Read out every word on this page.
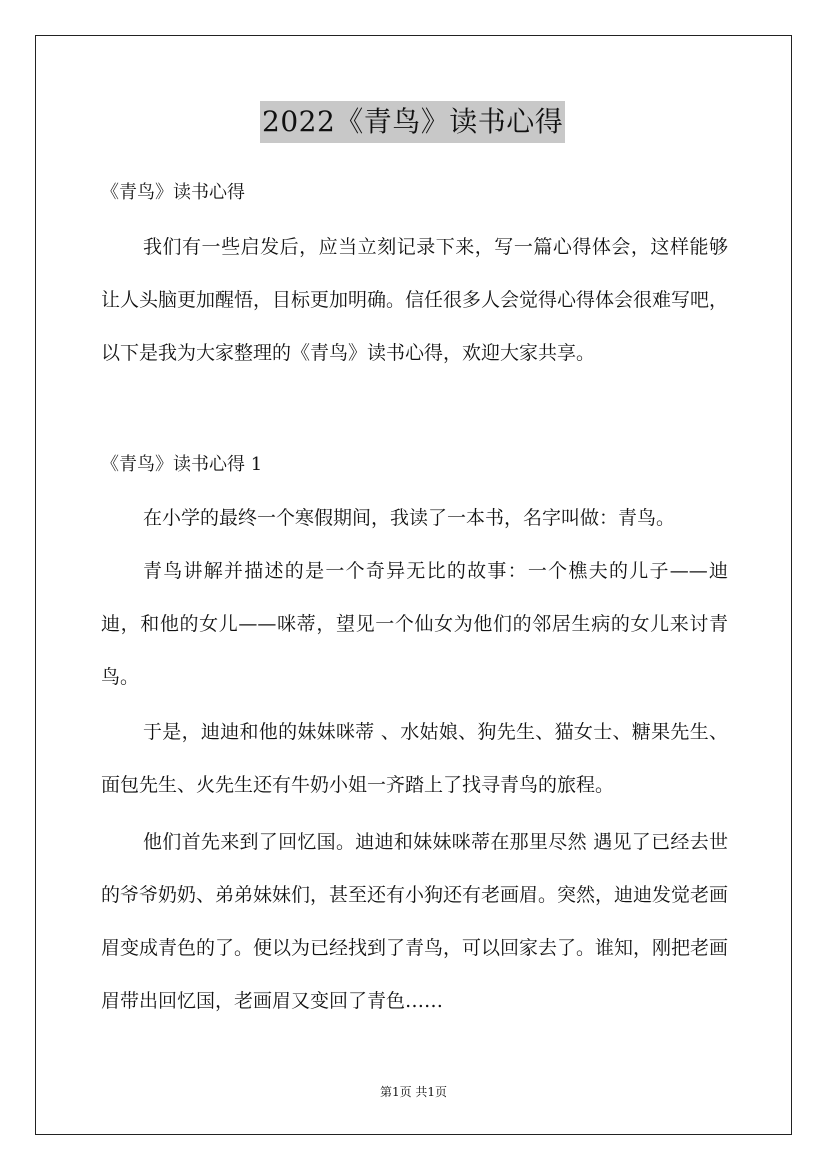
2022《青鸟》读书心得
《青鸟》读书心得

我们有一些启发后，应当立刻记录下来，写一篇心得体会，这样能够让人头脑更加醒悟，目标更加明确。信任很多人会觉得心得体会很难写吧，以下是我为大家整理的《青鸟》读书心得，欢迎大家共享。

《青鸟》读书心得 1

在小学的最终一个寒假期间，我读了一本书，名字叫做：青鸟。

青鸟讲解并描述的是一个奇异无比的故事：一个樵夫的儿子——迪迪，和他的女儿——咪蒂，望见一个仙女为他们的邻居生病的女儿来讨青鸟。

于是，迪迪和他的妹妹咪蒂 、水姑娘、狗先生、猫女士、糖果先生、面包先生、火先生还有牛奶小姐一齐踏上了找寻青鸟的旅程。

他们首先来到了回忆国。迪迪和妹妹咪蒂在那里尽然 遇见了已经去世的爷爷奶奶、弟弟妹妹们，甚至还有小狗还有老画眉。突然，迪迪发觉老画眉变成青色的了。便以为已经找到了青鸟，可以回家去了。谁知，刚把老画眉带出回忆国，老画眉又变回了青色……

第1页 共1页
